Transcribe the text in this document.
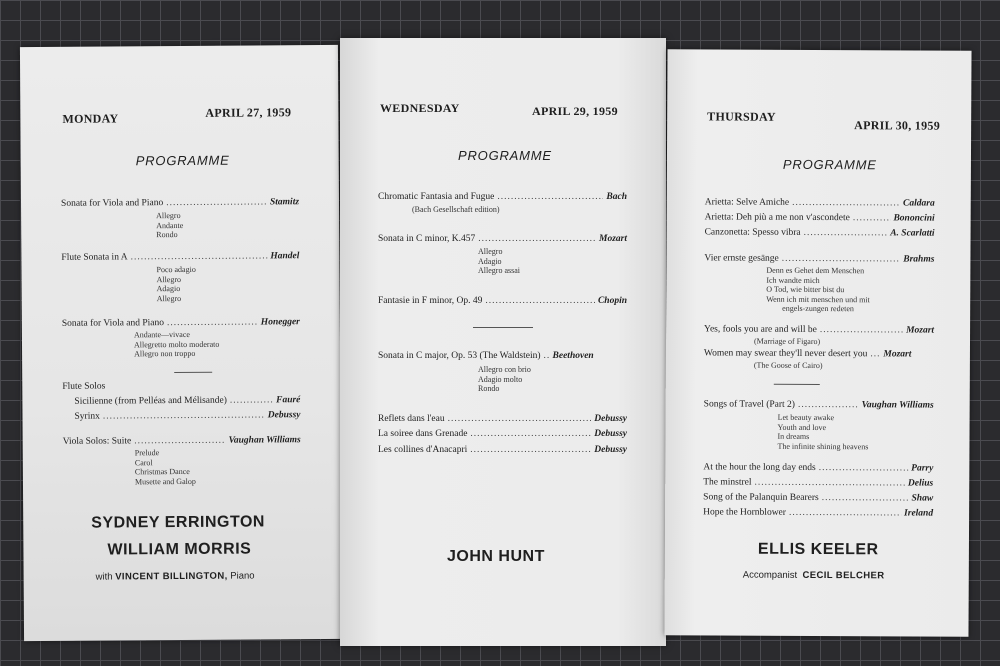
MONDAY	APRIL 27, 1959
PROGRAMME
Sonata for Viola and Piano .....	Stamitz
Allegro
Andante
Rondo
Flute Sonata in A .....	Handel
Poco adagio
Allegro
Adagio
Allegro
Sonata for Viola and Piano .....	Honegger
Andante—vivace
Allegretto molto moderato
Allegro non troppo
Flute Solos
Sicilienne (from Pelléas and Mélisande) .....	Fauré
Syrinx .....	Debussy
Viola Solos: Suite .....	Vaughan Williams
Prelude
Carol
Christmas Dance
Musette and Galop
SYDNEY ERRINGTON
WILLIAM MORRIS
with VINCENT BILLINGTON, Piano
WEDNESDAY	APRIL 29, 1959
PROGRAMME
Chromatic Fantasia and Fugue .....	Bach
(Bach Gesellschaft edition)
Sonata in C minor, K.457 .....	Mozart
Allegro
Adagio
Allegro assai
Fantasie in F minor, Op. 49 .....	Chopin
Sonata in C major, Op. 53 (The Waldstein) ..... Beethoven
Allegro con brio
Adagio molto
Rondo
Reflets dans l'eau .....	Debussy
La soiree dans Grenade .....	Debussy
Les collines d'Anacapri .....	Debussy
JOHN HUNT
THURSDAY
APRIL 30, 1959
PROGRAMME
Arietta: Selve Amiche .....	Caldara
Arietta: Deh più a me non v'ascondete .....	Bononcini
Canzonetta: Spesso vibra .....	A. Scarlatti
Vier ernste gesänge .....	Brahms
Denn es Gehet dem Menschen
Ich wandte mich
O Tod, wie bitter bist du
Wenn ich mit menschen und mit
engels-zungen redeten
Yes, fools you are and will be .....	Mozart
(Marriage of Figaro)
Women may swear they'll never desert you ..... Mozart
(The Goose of Cairo)
Songs of Travel (Part 2) .....	Vaughan Williams
Let beauty awake
Youth and love
In dreams
The infinite shining heavens
At the hour the long day ends .....	Parry
The minstrel .....	Delius
Song of the Palanquin Bearers .....	Shaw
Hope the Hornblower .....	Ireland
ELLIS KEELER
Accompanist CECIL BELCHER
